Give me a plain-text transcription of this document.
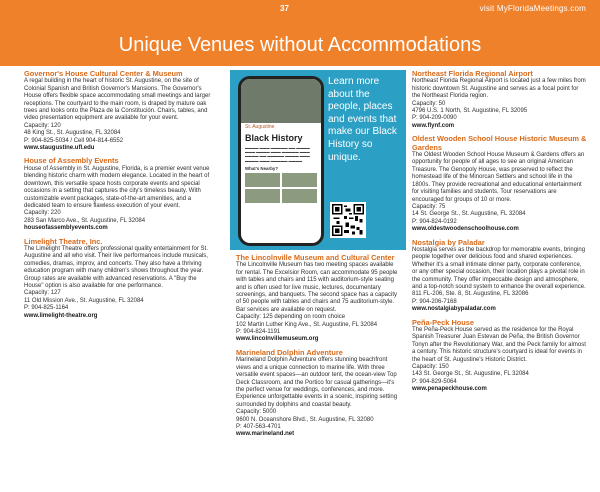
37	visit MyFloridaMeetings.com
Unique Venues without Accommodations
Governor's House Cultural Center & Museum

A regal building in the heart of historic St. Augustine, on the site of Colonial Spanish and British Governor's Mansions. The Governor's House offers flexible space accommodating small meetings and larger receptions. The courtyard to the main room, is draped by mature oak trees and looks onto the Plaza de la Constitución. Chairs, tables, and video presentation equipment are available for your event.

Capacity: 120

48 King St., St. Augustine, FL 32084

P: 904-825-5034 / Cell 904-814-6552

www.staugustine.ufl.edu

House of Assembly Events

House of Assembly in St. Augustine, Florida, is a premier event venue blending historic charm with modern elegance. Located in the heart of downtown, this versatile space hosts corporate events and special occasions in a setting that captures the city's timeless beauty. With customizable event packages, state-of-the-art amenities, and a dedicated team to ensure flawless execution of your event.

Capacity: 220

283 San Marco Ave., St. Augustine, FL 32084

houseofassemblyevents.com

Limelight Theatre, Inc.

The Limelight Theatre offers professional quality entertainment for St. Augustine and all who visit. Their live performances include musicals, comedies, dramas, improv, and concerts. They also have a thriving education program with many children's shows throughout the year. Group rates are available with advanced reservations. A "Buy the House" option is also available for one performance.

Capacity: 127

11 Old Mission Ave., St. Augustine, FL 32084

P: 904-825-1164

www.limelight-theatre.org

The Lincolnville Museum and Cultural Center

The Lincolnville Museum has two meeting spaces available for rental. The Excelsior Room, can accommodate 95 people with tables and chairs and 115 with auditorium-style seating and is often used for live music, lectures, documentary screenings, and banquets. The second space has a capacity of 50 people with tables and chairs and 75 auditorium-style. Bar services are available on request.

Capacity: 125 depending on room choice

102 Martin Luther King Ave., St. Augustine, FL 32084

P: 904-824-1191

www.lincolnvillemuseum.org

Marineland Dolphin Adventure

Marineland Dolphin Adventure offers stunning beachfront views and a unique connection to marine life. With three versatile event spaces—an outdoor tent, the ocean-view Top Deck Classroom, and the Portico for casual gatherings—it's the perfect venue for weddings, conferences, and more. Experience unforgettable events in a scenic, inspiring setting surrounded by dolphins and coastal beauty.

Capacity: 5000

9600 N. Oceanshore Blvd., St. Augustine, FL 32080

P: 407-563-4701

www.marineland.net

Northeast Florida Regional Airport

Northeast Florida Regional Airport is located just a few miles from historic downtown St. Augustine and serves as a focal point for the Northeast Florida region.

Capacity: 50

4796 U.S. 1 North, St. Augustine, FL 32095

P: 904-209-0090

www.flynf.com

Oldest Wooden School House Historic Museum & Gardens

The Oldest Wooden School House Museum & Gardens offers an opportunity for people of all ages to see an original American Treasure. The Genopoly House, was preserved to reflect the homestead life of the Minorcan Settlers and school life in the 1800s. They provide recreational and educational entertainment for visiting families and students. Tour reservations are encouraged for groups of 10 or more.

Capacity: 75

14 St. George St., St. Augustine, FL 32084

P: 904-824-0192

www.oldestwoodenschoolhouse.com

Nostalgia by Paladar

Nostalgia serves as the backdrop for memorable events, bringing people together over delicious food and shared experiences. Whether it's a small intimate dinner party, corporate conference, or any other special occasion, their location plays a pivotal role in the community. They offer impeccable design and atmosphere, and a top-notch sound system to enhance the overall experience.

811 FL-206, Ste. 8, St. Augustine, FL 32086

P: 904-206-7168

www.nostalgiabypaladar.com

Peña-Peck House

The Peña-Peck House served as the residence for the Royal Spanish Treasurer Juan Estevan de Peña, the British Governor Tonyn after the Revolutionary War, and the Peck family for almost a century. This historic structure's courtyard is ideal for events in the heart of St. Augustine's Historic District.

Capacity: 150

143 St. George St., St. Augustine, FL 32084

P: 904-829-5064

www.penapeckhouse.com

St. Augustine
Black History
▬▬▬▬ ▬▬▬ ▬▬▬▬▬ ▬▬ ▬▬▬▬ ▬▬▬ ▬▬▬▬ ▬▬▬ ▬▬▬▬▬ ▬▬▬ ▬▬▬▬ ▬▬ ▬▬▬▬▬ ▬▬▬▬ ▬▬▬ ▬▬▬▬ ▬▬▬ ▬▬▬▬▬ ▬▬▬▬
What's Nearby?
Learn more about the people, places and events that make our Black History so unique.
